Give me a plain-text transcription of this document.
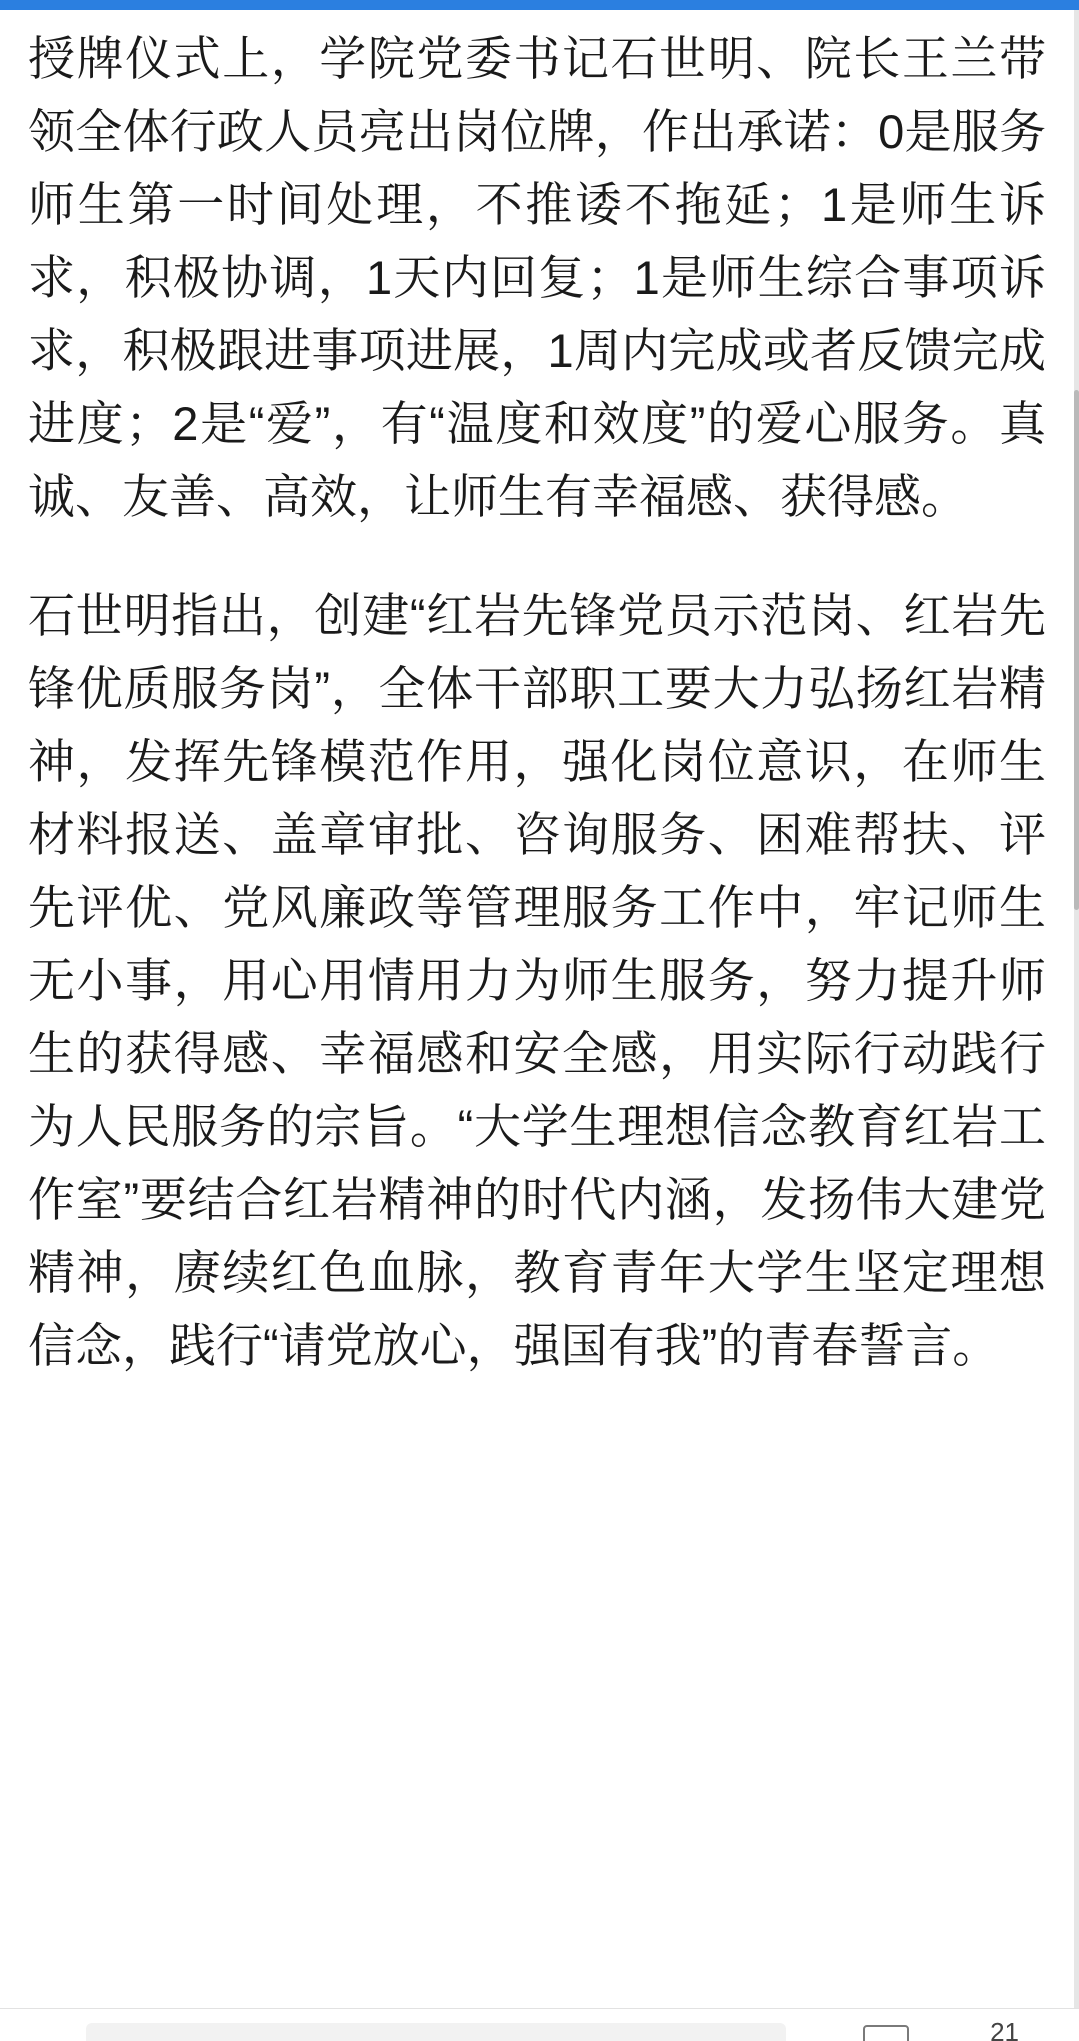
授牌仪式上，学院党委书记石世明、院长王兰带领全体行政人员亮出岗位牌，作出承诺：0是服务师生第一时间处理，不推诿不拖延；1是师生诉求，积极协调，1天内回复；1是师生综合事项诉求，积极跟进事项进展，1周内完成或者反馈完成进度；2是“爱”，有“温度和效度”的爱心服务。真诚、友善、高效，让师生有幸福感、获得感。

石世明指出，创建“红岩先锋党员示范岗、红岩先锋优质服务岗”，全体干部职工要大力弘扬红岩精神，发挥先锋模范作用，强化岗位意识，在师生材料报送、盖章审批、咨询服务、困难帮扶、评先评优、党风廉政等管理服务工作中，牢记师生无小事，用心用情用力为师生服务，努力提升师生的获得感、幸福感和安全感，用实际行动践行为人民服务的宗旨。“大学生理想信念教育红岩工作室”要结合红岩精神的时代内涵，发扬伟大建党精神，赓续红色血脉，教育青年大学生坚定理想信念，践行“请党放心，强国有我”的青春誓言。

21
